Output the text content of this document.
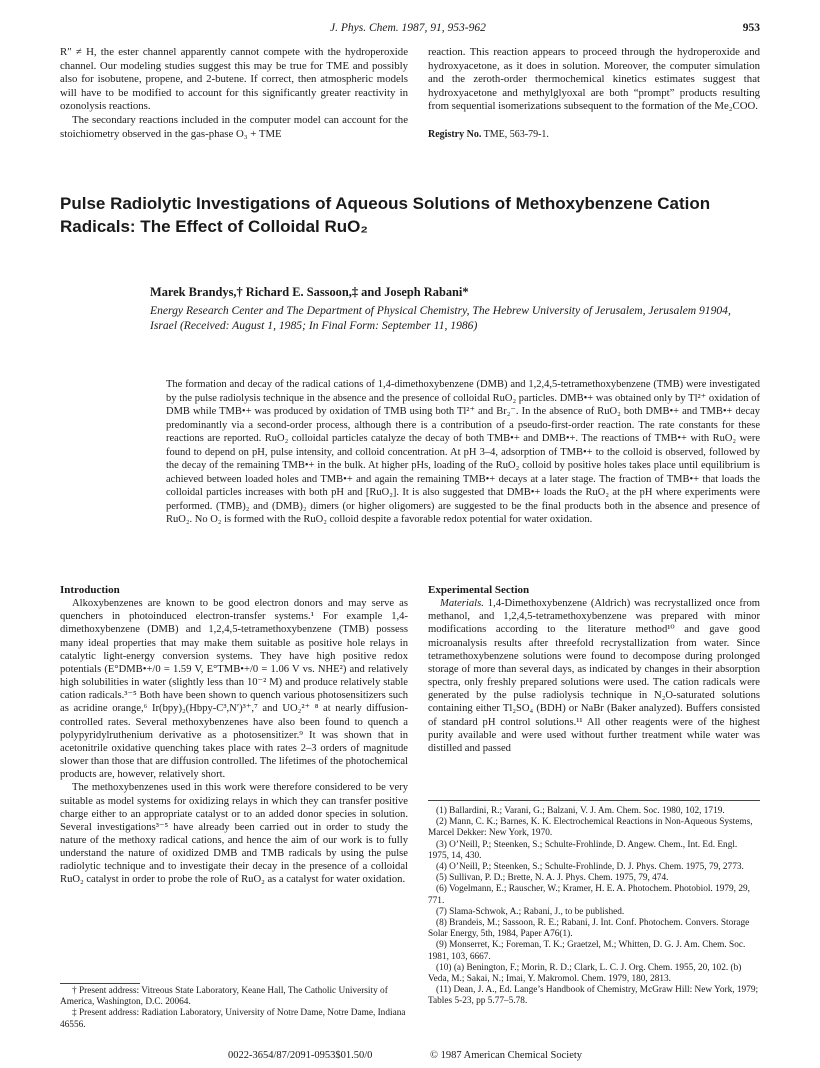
J. Phys. Chem. 1987, 91, 953-962	953

R″ ≠ H, the ester channel apparently cannot compete with the hydroperoxide channel. Our modeling studies suggest this may be true for TME and possibly also for isobutene, propene, and 2-butene. If correct, then atmospheric models will have to be modified to account for this significantly greater reactivity in ozonolysis reactions.

The secondary reactions included in the computer model can account for the stoichiometry observed in the gas-phase O₃ + TME

reaction. This reaction appears to proceed through the hydroperoxide and hydroxyacetone, as it does in solution. Moreover, the computer simulation and the zeroth-order thermochemical kinetics estimates suggest that hydroxyacetone and methylglyoxal are both “prompt” products resulting from sequential isomerizations subsequent to the formation of the Me₂COO.

Registry No. TME, 563-79-1.

Pulse Radiolytic Investigations of Aqueous Solutions of Methoxybenzene Cation Radicals: The Effect of Colloidal RuO₂
Marek Brandys,† Richard E. Sassoon,‡ and Joseph Rabani*
Energy Research Center and The Department of Physical Chemistry, The Hebrew University of Jerusalem, Jerusalem 91904, Israel (Received: August 1, 1985; In Final Form: September 11, 1986)
The formation and decay of the radical cations of 1,4-dimethoxybenzene (DMB) and 1,2,4,5-tetramethoxybenzene (TMB) were investigated by the pulse radiolysis technique in the absence and the presence of colloidal RuO₂ particles. DMB•+ was obtained only by Tl²⁺ oxidation of DMB while TMB•+ was produced by oxidation of TMB using both Tl²⁺ and Br₂⁻. In the absence of RuO₂ both DMB•+ and TMB•+ decay predominantly via a second-order process, although there is a contribution of a pseudo-first-order reaction. The rate constants for these reactions are reported. RuO₂ colloidal particles catalyze the decay of both TMB•+ and DMB•+. The reactions of TMB•+ with RuO₂ were found to depend on pH, pulse intensity, and colloid concentration. At pH 3–4, adsorption of TMB•+ to the colloid is observed, followed by the decay of the remaining TMB•+ in the bulk. At higher pHs, loading of the RuO₂ colloid by positive holes takes place until equilibrium is achieved between loaded holes and TMB•+ and again the remaining TMB•+ decays at a later stage. The fraction of TMB•+ that loads the colloidal particles increases with both pH and [RuO₂]. It is also suggested that DMB•+ loads the RuO₂ at the pH where experiments were performed. (TMB)₂ and (DMB)₂ dimers (or higher oligomers) are suggested to be the final products both in the absence and presence of RuO₂. No O₂ is formed with the RuO₂ colloid despite a favorable redox potential for water oxidation.

Introduction

Alkoxybenzenes are known to be good electron donors and may serve as quenchers in photoinduced electron-transfer systems.¹ For example 1,4-dimethoxybenzene (DMB) and 1,2,4,5-tetramethoxybenzene (TMB) possess many ideal properties that may make them suitable as positive hole relays in catalytic light-energy conversion systems. They have high positive redox potentials (E°DMB•+/0 = 1.59 V, E°TMB•+/0 = 1.06 V vs. NHE²) and relatively high solubilities in water (slightly less than 10⁻² M) and produce relatively stable cation radicals.³⁻⁵ Both have been shown to quench various photosensitizers such as acridine orange,⁶ Ir(bpy)₂(Hbpy-C³,N′)³⁺,⁷ and UO₂²⁺ ⁸ at nearly diffusion-controlled rates. Several methoxybenzenes have also been found to quench a polypyridylruthenium derivative as a photosensitizer.⁹ It was shown that in acetonitrile oxidative quenching takes place with rates 2–3 orders of magnitude slower than those that are diffusion controlled. The lifetimes of the photochemical products are, however, relatively short.

The methoxybenzenes used in this work were therefore considered to be very suitable as model systems for oxidizing relays in which they can transfer positive charge either to an appropriate catalyst or to an added donor species in solution. Several investigations³⁻⁵ have already been carried out in order to study the nature of the methoxy radical cations, and hence the aim of our work is to fully understand the nature of oxidized DMB and TMB radicals by using the pulse radiolytic technique and to investigate their decay in the presence of a colloidal RuO₂ catalyst in order to probe the role of RuO₂ as a catalyst for water oxidation.

† Present address: Vitreous State Laboratory, Keane Hall, The Catholic University of America, Washington, D.C. 20064.

‡ Present address: Radiation Laboratory, University of Notre Dame, Notre Dame, Indiana 46556.

Experimental Section

Materials. 1,4-Dimethoxybenzene (Aldrich) was recrystallized once from methanol, and 1,2,4,5-tetramethoxybenzene was prepared with minor modifications according to the literature method¹⁰ and gave good microanalysis results after threefold recrystallization from water. Since tetramethoxybenzene solutions were found to decompose during prolonged storage of more than several days, as indicated by changes in their absorption spectra, only freshly prepared solutions were used. The cation radicals were generated by the pulse radiolysis technique in N₂O-saturated solutions containing either Tl₂SO₄ (BDH) or NaBr (Baker analyzed). Buffers consisted of standard pH control solutions.¹¹ All other reagents were of the highest purity available and were used without further treatment while water was distilled and passed

(1) Ballardini, R.; Varani, G.; Balzani, V. J. Am. Chem. Soc. 1980, 102, 1719.

(2) Mann, C. K.; Barnes, K. K. Electrochemical Reactions in Non-Aqueous Systems, Marcel Dekker: New York, 1970.

(3) O’Neill, P.; Steenken, S.; Schulte-Frohlinde, D. Angew. Chem., Int. Ed. Engl. 1975, 14, 430.

(4) O’Neill, P.; Steenken, S.; Schulte-Frohlinde, D. J. Phys. Chem. 1975, 79, 2773.

(5) Sullivan, P. D.; Brette, N. A. J. Phys. Chem. 1975, 79, 474.

(6) Vogelmann, E.; Rauscher, W.; Kramer, H. E. A. Photochem. Photobiol. 1979, 29, 771.

(7) Slama-Schwok, A.; Rabani, J., to be published.

(8) Brandeis, M.; Sassoon, R. E.; Rabani, J. Int. Conf. Photochem. Convers. Storage Solar Energy, 5th, 1984, Paper A76(1).

(9) Monserret, K.; Foreman, T. K.; Graetzel, M.; Whitten, D. G. J. Am. Chem. Soc. 1981, 103, 6667.

(10) (a) Benington, F.; Morin, R. D.; Clark, L. C. J. Org. Chem. 1955, 20, 102. (b) Veda, M.; Sakai, N.; Imai, Y. Makromol. Chem. 1979, 180, 2813.

(11) Dean, J. A., Ed. Lange’s Handbook of Chemistry, McGraw Hill: New York, 1979; Tables 5-23, pp 5.77–5.78.

0022-3654/87/2091-0953$01.50/0	© 1987 American Chemical Society
